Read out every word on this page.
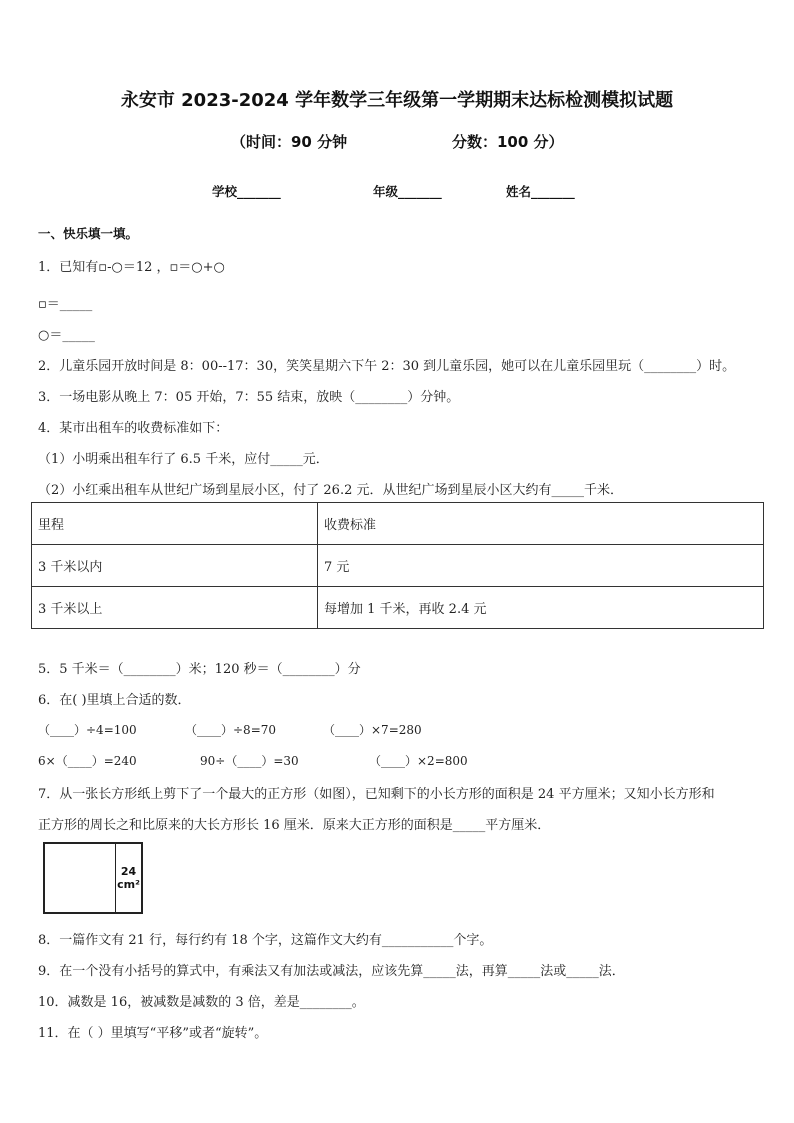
永安市 2023-2024 学年数学三年级第一学期期末达标检测模拟试题
（时间：90 分钟	分数：100 分）
学校_______	年级_______	姓名_______
一、快乐填一填。
1．已知有▫-○＝12 ，▫＝○+○
▫＝_____
○＝_____
2．儿童乐园开放时间是 8：00--17：30，笑笑星期六下午 2：30 到儿童乐园，她可以在儿童乐园里玩（________）时。
3．一场电影从晚上 7：05 开始，7：55 结束，放映（________）分钟。
4．某市出租车的收费标准如下：
（1）小明乘出租车行了 6.5 千米，应付_____元．
（2）小红乘出租车从世纪广场到星辰小区，付了 26.2 元．从世纪广场到星辰小区大约有_____千米．
里程	收费标准
3 千米以内	7 元
3 千米以上	每增加 1 千米，再收 2.4 元
5．5 千米＝（________）米；120 秒＝（________）分
6．在( )里填上合适的数．
（____）÷4=100	（____）÷8=70	（____）×7=280
6×（____）=240	90÷（____）=30	（____）×2=800
7．从一张长方形纸上剪下了一个最大的正方形（如图），已知剩下的小长方形的面积是 24 平方厘米；又知小长方形和
正方形的周长之和比原来的大长方形长 16 厘米．原来大正方形的面积是_____平方厘米．
24
cm²
8．一篇作文有 21 行，每行约有 18 个字，这篇作文大约有___________个字。
9．在一个没有小括号的算式中，有乘法又有加法或减法，应该先算_____法，再算_____法或_____法．
10．减数是 16，被减数是减数的 3 倍，差是________。
11．在（ ）里填写“平移”或者“旋转”。
